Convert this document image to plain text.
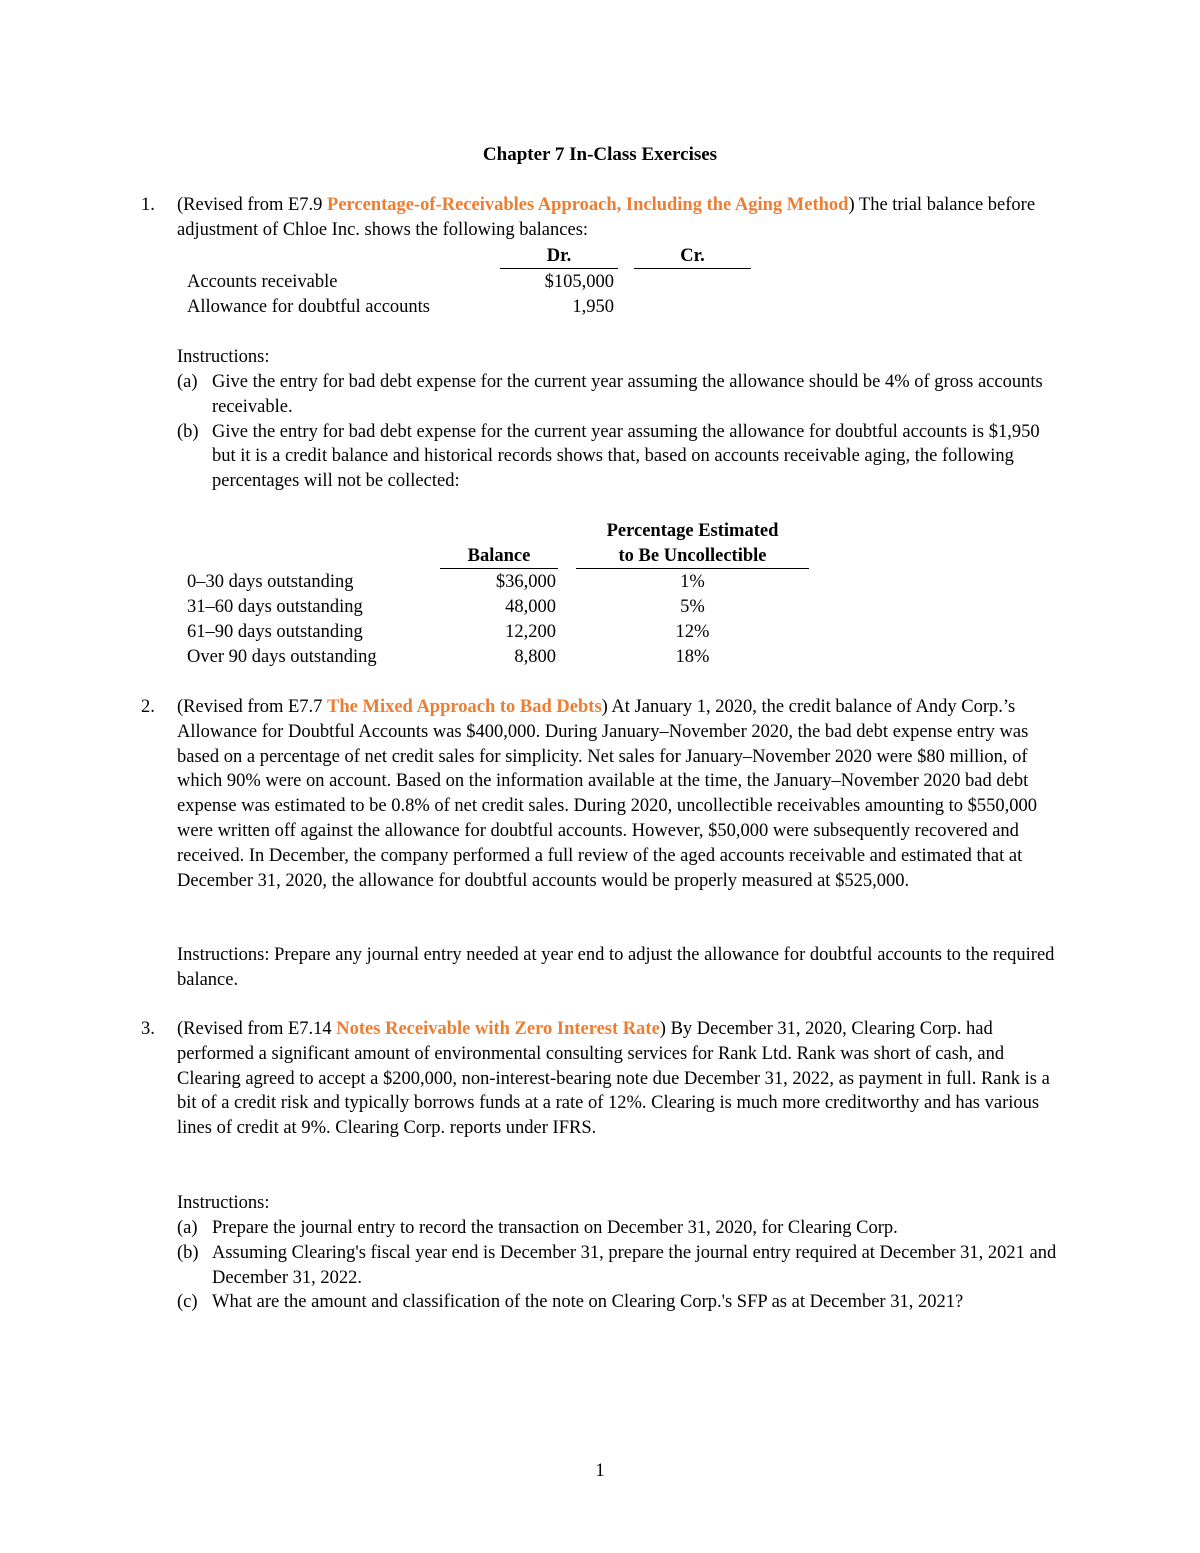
Chapter 7 In-Class Exercises
1. (Revised from E7.9 Percentage-of-Receivables Approach, Including the Aging Method) The trial balance before adjustment of Chloe Inc. shows the following balances:
Dr.	Cr.
Accounts receivable	$105,000
Allowance for doubtful accounts	1,950
Instructions:
(a) Give the entry for bad debt expense for the current year assuming the allowance should be 4% of gross accounts receivable.
(b) Give the entry for bad debt expense for the current year assuming the allowance for doubtful accounts is $1,950 but it is a credit balance and historical records shows that, based on accounts receivable aging, the following percentages will not be collected:
Percentage Estimated
Balance	to Be Uncollectible
0–30 days outstanding	$36,000	1%
31–60 days outstanding	48,000	5%
61–90 days outstanding	12,200	12%
Over 90 days outstanding	8,800	18%
2. (Revised from E7.7 The Mixed Approach to Bad Debts) At January 1, 2020, the credit balance of Andy Corp.’s Allowance for Doubtful Accounts was $400,000. During January–November 2020, the bad debt expense entry was based on a percentage of net credit sales for simplicity. Net sales for January–November 2020 were $80 million, of which 90% were on account. Based on the information available at the time, the January–November 2020 bad debt expense was estimated to be 0.8% of net credit sales. During 2020, uncollectible receivables amounting to $550,000 were written off against the allowance for doubtful accounts. However, $50,000 were subsequently recovered and received. In December, the company performed a full review of the aged accounts receivable and estimated that at December 31, 2020, the allowance for doubtful accounts would be properly measured at $525,000.
Instructions: Prepare any journal entry needed at year end to adjust the allowance for doubtful accounts to the required balance.
3. (Revised from E7.14 Notes Receivable with Zero Interest Rate) By December 31, 2020, Clearing Corp. had performed a significant amount of environmental consulting services for Rank Ltd. Rank was short of cash, and Clearing agreed to accept a $200,000, non-interest-bearing note due December 31, 2022, as payment in full. Rank is a bit of a credit risk and typically borrows funds at a rate of 12%. Clearing is much more creditworthy and has various lines of credit at 9%. Clearing Corp. reports under IFRS.
Instructions:
(a) Prepare the journal entry to record the transaction on December 31, 2020, for Clearing Corp.
(b) Assuming Clearing's fiscal year end is December 31, prepare the journal entry required at December 31, 2021 and December 31, 2022.
(c) What are the amount and classification of the note on Clearing Corp.'s SFP as at December 31, 2021?
1
